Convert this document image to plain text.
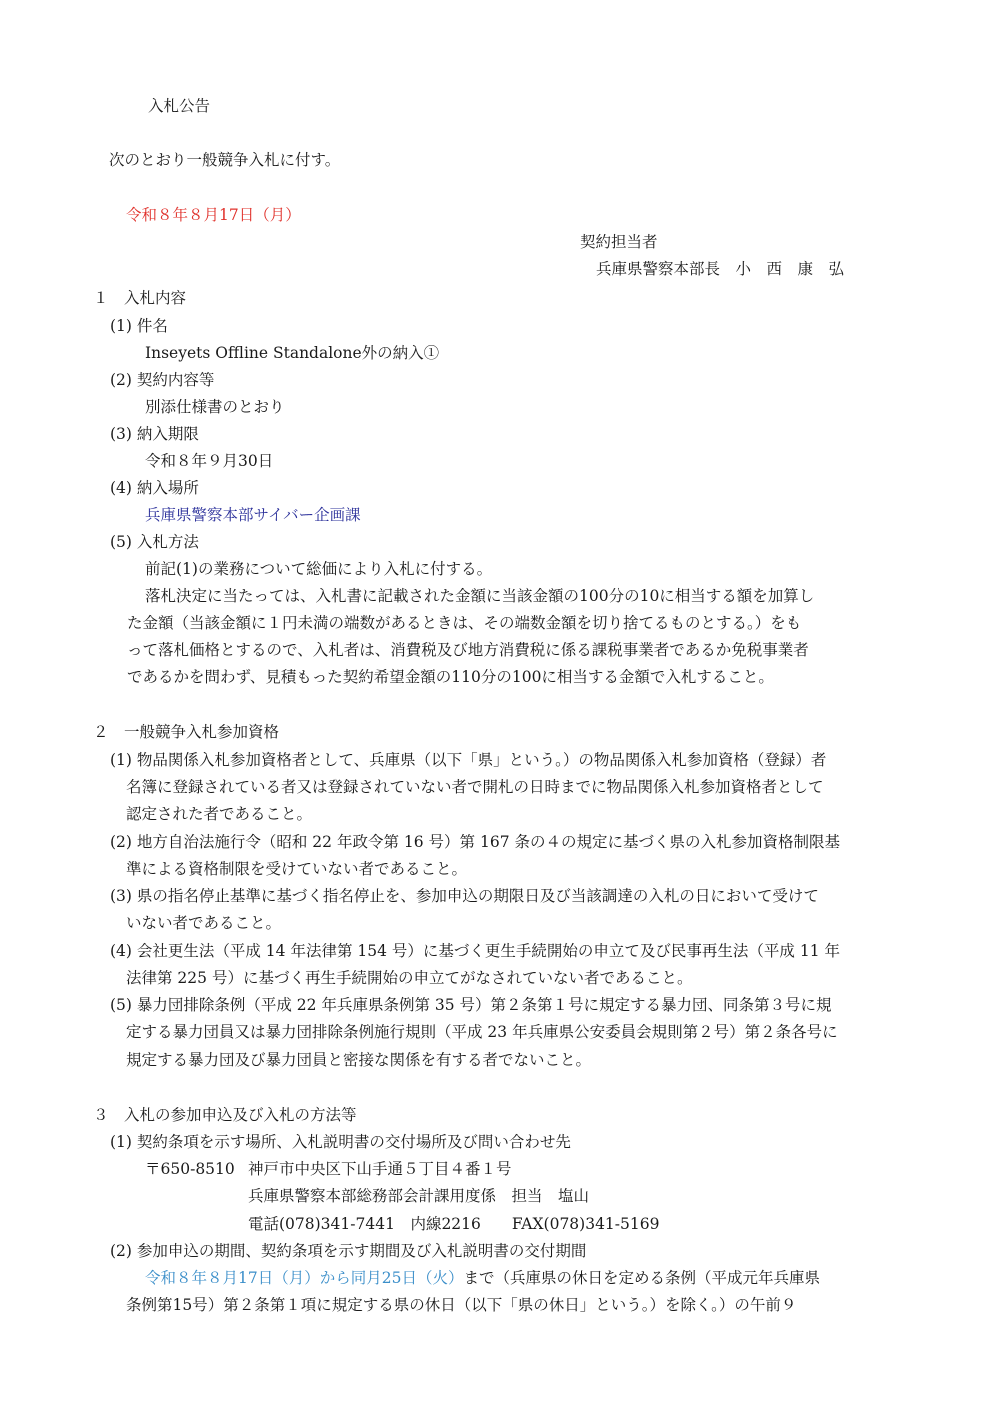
入札公告
次のとおり一般競争入札に付す。
令和８年８月17日（月）
契約担当者
兵庫県警察本部長　小　西　康　弘
１　入札内容
(1) 件名
Inseyets Offline Standalone外の納入①
(2) 契約内容等
別添仕様書のとおり
(3) 納入期限
令和８年９月30日
(4) 納入場所
兵庫県警察本部サイバー企画課
(5) 入札方法
前記(1)の業務について総価により入札に付する。
落札決定に当たっては、入札書に記載された金額に当該金額の100分の10に相当する額を加算し
た金額（当該金額に１円未満の端数があるときは、その端数金額を切り捨てるものとする。）をも
って落札価格とするので、入札者は、消費税及び地方消費税に係る課税事業者であるか免税事業者
であるかを問わず、見積もった契約希望金額の110分の100に相当する金額で入札すること。
２　一般競争入札参加資格
(1) 物品関係入札参加資格者として、兵庫県（以下「県」という。）の物品関係入札参加資格（登録）者
名簿に登録されている者又は登録されていない者で開札の日時までに物品関係入札参加資格者として
認定された者であること。
(2) 地方自治法施行令（昭和 22 年政令第 16 号）第 167 条の４の規定に基づく県の入札参加資格制限基
準による資格制限を受けていない者であること。
(3) 県の指名停止基準に基づく指名停止を、参加申込の期限日及び当該調達の入札の日において受けて
いない者であること。
(4) 会社更生法（平成 14 年法律第 154 号）に基づく更生手続開始の申立て及び民事再生法（平成 11 年
法律第 225 号）に基づく再生手続開始の申立てがなされていない者であること。
(5) 暴力団排除条例（平成 22 年兵庫県条例第 35 号）第２条第１号に規定する暴力団、同条第３号に規
定する暴力団員又は暴力団排除条例施行規則（平成 23 年兵庫県公安委員会規則第２号）第２条各号に
規定する暴力団及び暴力団員と密接な関係を有する者でないこと。
３　入札の参加申込及び入札の方法等
(1) 契約条項を示す場所、入札説明書の交付場所及び問い合わせ先
〒650-8510 神戸市中央区下山手通５丁目４番１号
兵庫県警察本部総務部会計課用度係　担当　塩山
電話(078)341-7441　内線2216　　FAX(078)341-5169
(2) 参加申込の期間、契約条項を示す期間及び入札説明書の交付期間
令和８年８月17日（月）から同月25日（火）まで（兵庫県の休日を定める条例（平成元年兵庫県
条例第15号）第２条第１項に規定する県の休日（以下「県の休日」という。）を除く。）の午前９
